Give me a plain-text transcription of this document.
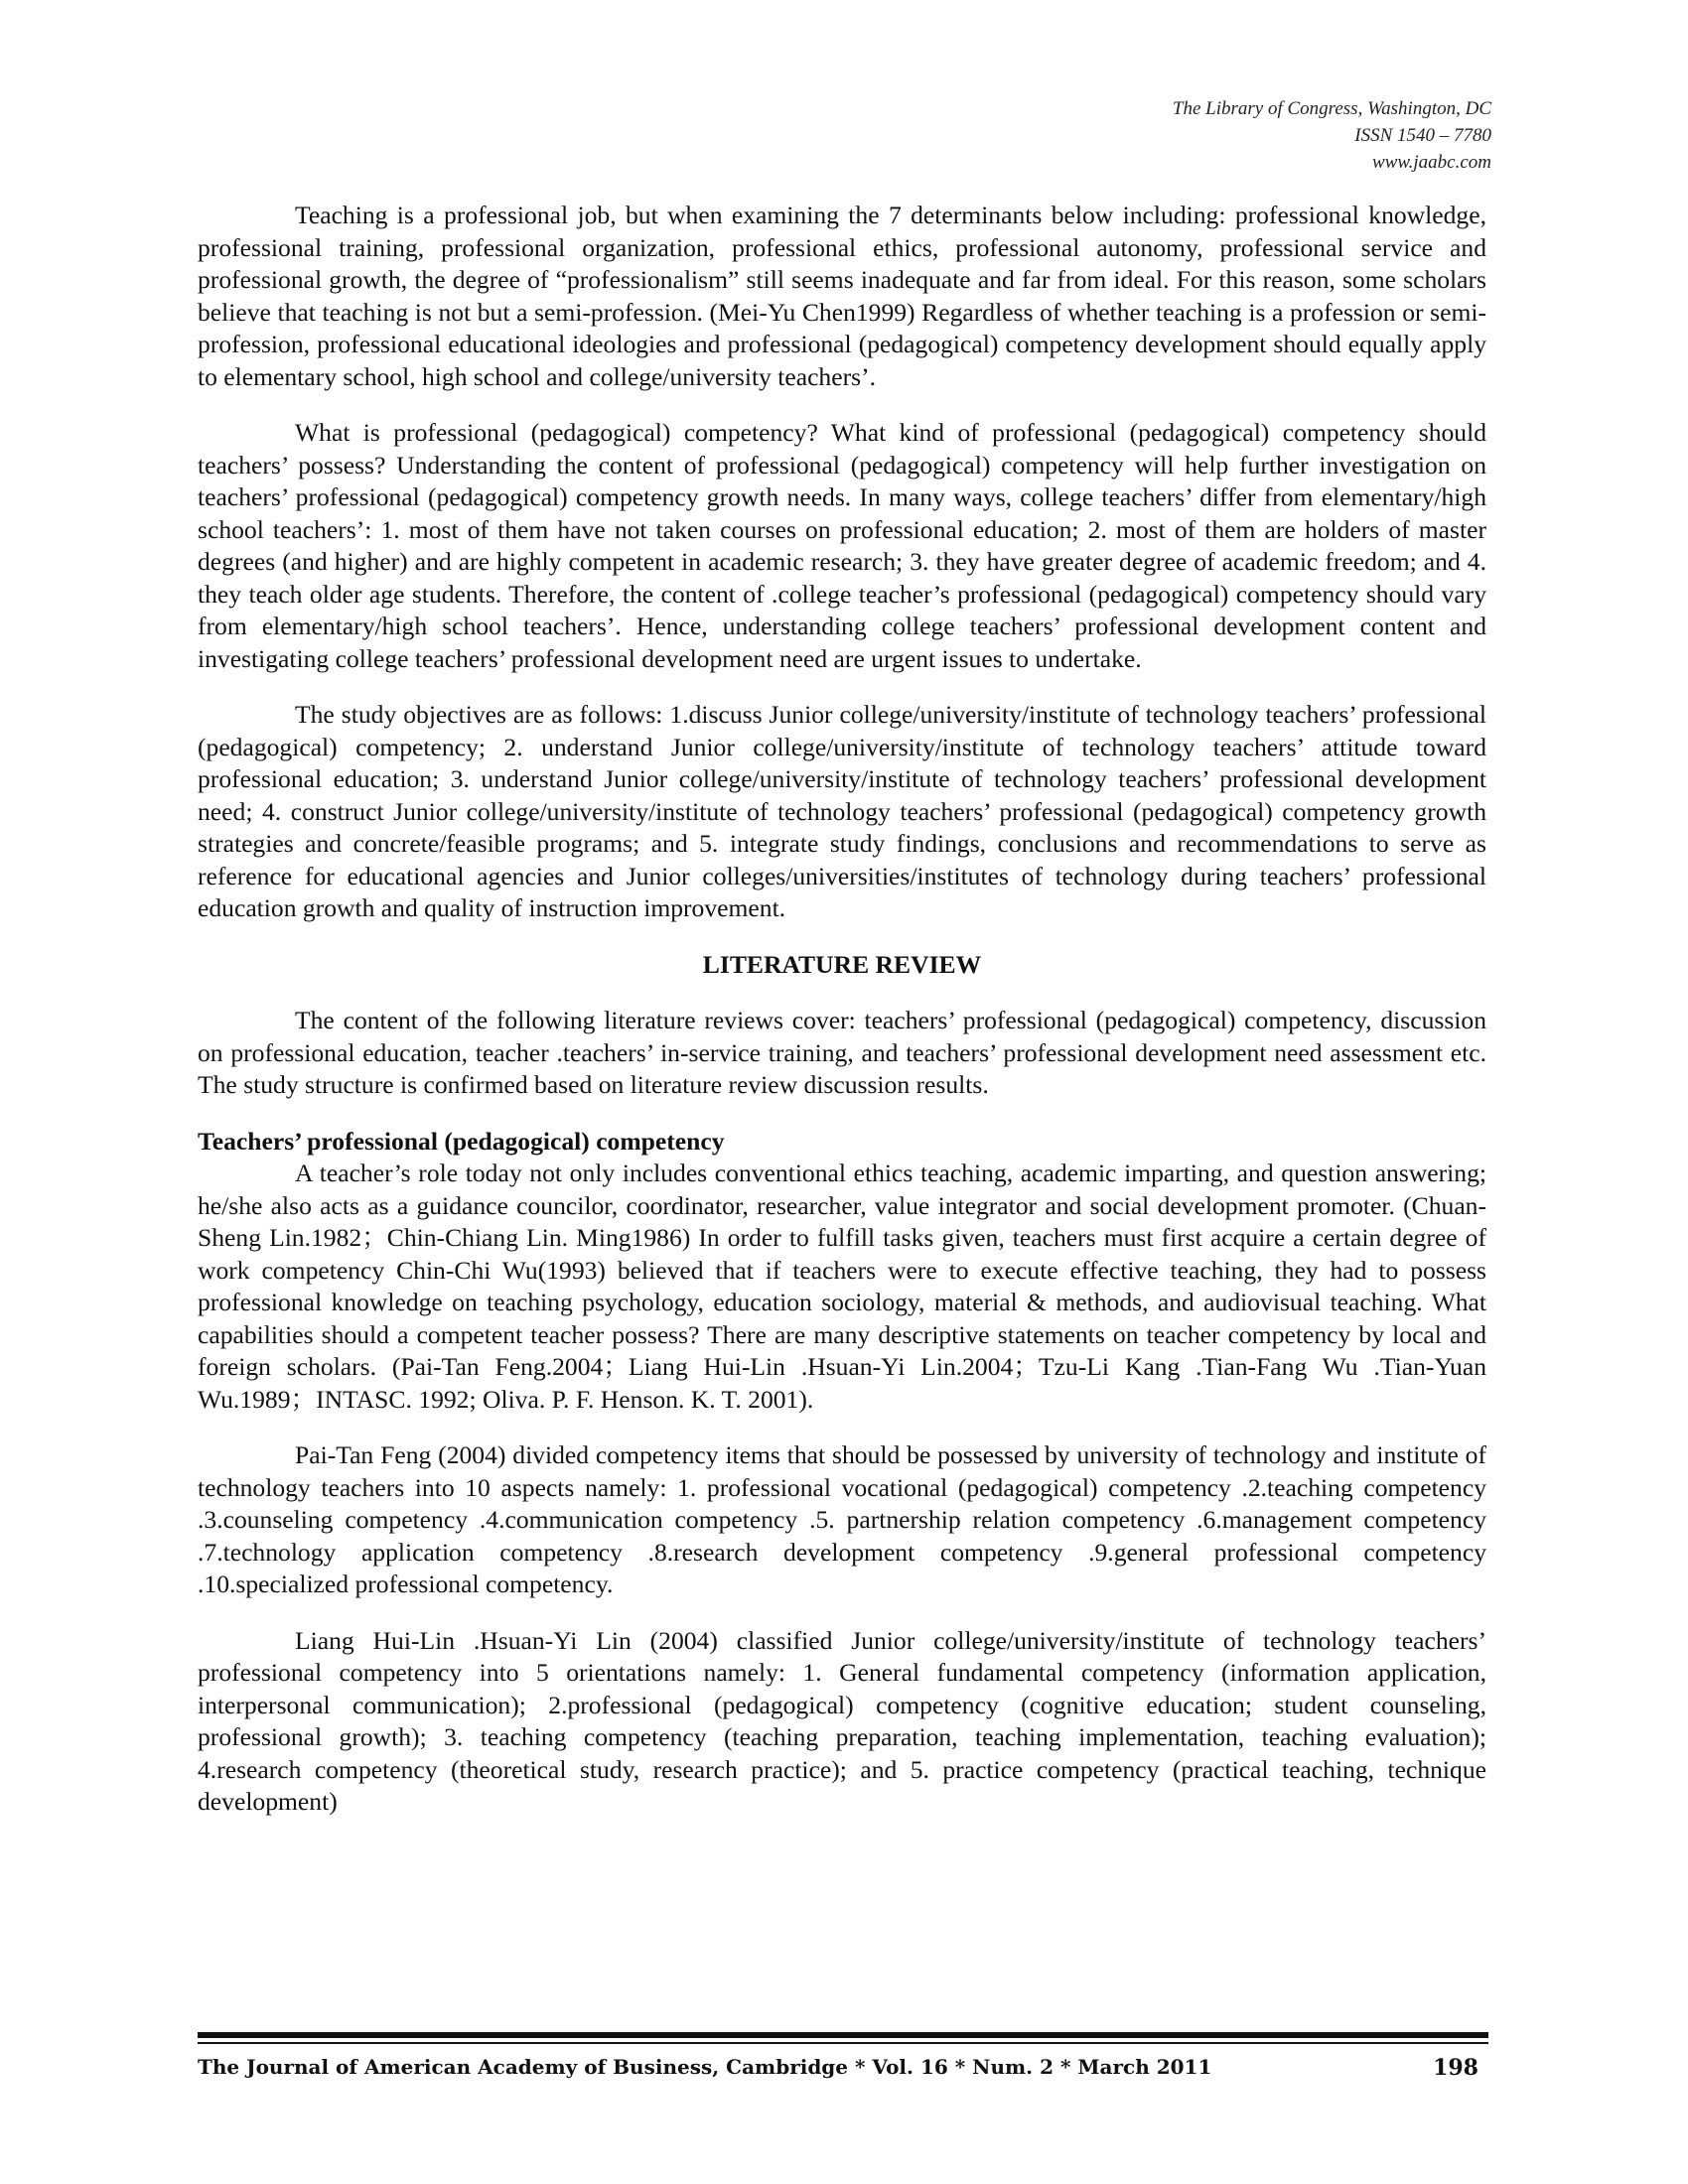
The Library of Congress, Washington, DC
ISSN 1540 – 7780
www.jaabc.com

Teaching is a professional job, but when examining the 7 determinants below including: professional knowledge, professional training, professional organization, professional ethics, professional autonomy, professional service and professional growth, the degree of “professionalism” still seems inadequate and far from ideal. For this reason, some scholars believe that teaching is not but a semi-profession. (Mei-Yu Chen1999) Regardless of whether teaching is a profession or semi-profession, professional educational ideologies and professional (pedagogical) competency development should equally apply to elementary school, high school and college/university teachers’.

What is professional (pedagogical) competency? What kind of professional (pedagogical) competency should teachers’ possess? Understanding the content of professional (pedagogical) competency will help further investigation on teachers’ professional (pedagogical) competency growth needs. In many ways, college teachers’ differ from elementary/high school teachers’: 1. most of them have not taken courses on professional education; 2. most of them are holders of master degrees (and higher) and are highly competent in academic research; 3. they have greater degree of academic freedom; and 4. they teach older age students. Therefore, the content of .college teacher’s professional (pedagogical) competency should vary from elementary/high school teachers’. Hence, understanding college teachers’ professional development content and investigating college teachers’ professional development need are urgent issues to undertake.

The study objectives are as follows: 1.discuss Junior college/university/institute of technology teachers’ professional (pedagogical) competency; 2. understand Junior college/university/institute of technology teachers’ attitude toward professional education; 3. understand Junior college/university/institute of technology teachers’ professional development need; 4. construct Junior college/university/institute of technology teachers’ professional (pedagogical) competency growth strategies and concrete/feasible programs; and 5. integrate study findings, conclusions and recommendations to serve as reference for educational agencies and Junior colleges/universities/institutes of technology during teachers’ professional education growth and quality of instruction improvement.

LITERATURE REVIEW

The content of the following literature reviews cover: teachers’ professional (pedagogical) competency, discussion on professional education, teacher .teachers’ in-service training, and teachers’ professional development need assessment etc. The study structure is confirmed based on literature review discussion results.

Teachers’ professional (pedagogical) competency

A teacher’s role today not only includes conventional ethics teaching, academic imparting, and question answering; he/she also acts as a guidance councilor, coordinator, researcher, value integrator and social development promoter. (Chuan-Sheng Lin.1982；Chin-Chiang Lin. Ming1986) In order to fulfill tasks given, teachers must first acquire a certain degree of work competency Chin-Chi Wu(1993) believed that if teachers were to execute effective teaching, they had to possess professional knowledge on teaching psychology, education sociology, material & methods, and audiovisual teaching. What capabilities should a competent teacher possess? There are many descriptive statements on teacher competency by local and foreign scholars. (Pai-Tan Feng.2004；Liang Hui-Lin .Hsuan-Yi Lin.2004；Tzu-Li Kang .Tian-Fang Wu .Tian-Yuan Wu.1989；INTASC. 1992; Oliva. P. F. Henson. K. T. 2001).

Pai-Tan Feng (2004) divided competency items that should be possessed by university of technology and institute of technology teachers into 10 aspects namely: 1. professional vocational (pedagogical) competency .2.teaching competency .3.counseling competency .4.communication competency .5. partnership relation competency .6.management competency .7.technology application competency .8.research development competency .9.general professional competency .10.specialized professional competency.

Liang Hui-Lin .Hsuan-Yi Lin (2004) classified Junior college/university/institute of technology teachers’ professional competency into 5 orientations namely: 1. General fundamental competency (information application, interpersonal communication); 2.professional (pedagogical) competency (cognitive education; student counseling, professional growth); 3. teaching competency (teaching preparation, teaching implementation, teaching evaluation); 4.research competency (theoretical study, research practice); and 5. practice competency (practical teaching, technique development)

The Journal of American Academy of Business, Cambridge * Vol. 16 * Num. 2 * March 2011	198
